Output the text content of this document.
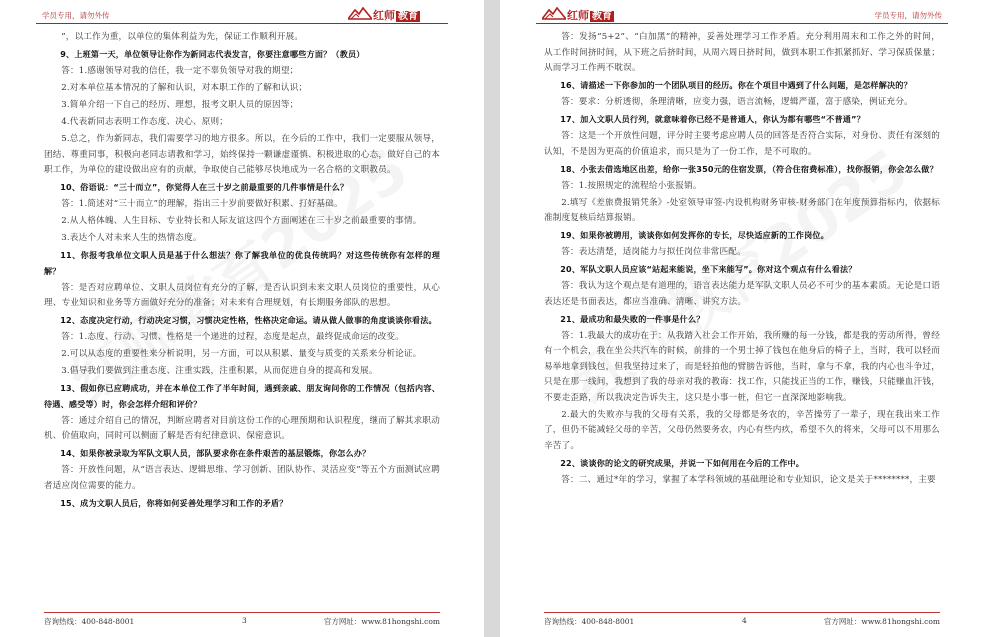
学员专用，请勿外传	红师 教育

”，以工作为重，以单位的集体利益为先，保证工作顺利开展。

9、上班第一天，单位领导让你作为新同志代表发言，你要注意哪些方面？（教员）

答：1.感谢领导对我的信任，我一定不辜负领导对我的期望；

2.对本单位基本情况的了解和认识，对本职工作的了解和认识；

3.简单介绍一下自己的经历、理想，报考文职人员的原因等；

4.代表新同志表明工作态度、决心、原则；

5.总之，作为新同志，我们需要学习的地方很多。所以，在今后的工作中，我们一定要服从领导，团结、尊重同事，积极向老同志请教和学习，始终保持一颗谦虚谨慎、积极进取的心态，做好自己的本职工作，为单位的建设做出应有的贡献，争取使自己能够尽快地成为一名合格的文职教员。

10、俗语说：“三十而立”，你觉得人在三十岁之前最重要的几件事情是什么？

答：1.简述对“三十而立”的理解，指出三十岁前要做好积累、打好基础。

2.从人格体魄、人生目标、专业特长和人际友谊这四个方面阐述在三十岁之前最重要的事情。

3.表达个人对未来人生的热情态度。

11、你报考我单位文职人员是基于什么想法？你了解我单位的优良传统吗？对这些传统你有怎样的理解？

答：是否对应聘单位、文职人员岗位有充分的了解，是否认识到未来文职人员岗位的重要性，从心理、专业知识和业务等方面做好充分的准备；对未来有合理规划，有长期服务部队的思想。

12、态度决定行动，行动决定习惯，习惯决定性格，性格决定命运。请从做人做事的角度谈谈你看法。

答：1.态度、行动、习惯、性格是一个递进的过程，态度是起点，最终促成命运的改变。

2.可以从态度的重要性来分析说明，另一方面，可以从积累、量变与质变的关系来分析论证。

3.倡导我们要做到注重态度、注重实践，注重积累，从而促进自身的提高和发展。

13、假如你已应聘成功，并在本单位工作了半年时间，遇到亲戚、朋友询问你的工作情况（包括内容、待遇、感受等）时，你会怎样介绍和评价？

答：通过介绍自己的情况，判断应聘者对目前这份工作的心理预期和认识程度，继而了解其求职动机、价值取向，同时可以侧面了解是否有纪律意识、保密意识。

14、如果你被录取为军队文职人员，部队要求你在条件艰苦的基层锻炼，你怎么办？

答：开放性问题，从“语言表达、逻辑思维、学习创新、团队协作、灵活应变”等五个方面测试应聘者适应岗位需要的能力。

15、成为文职人员后，你将如何妥善处理学习和工作的矛盾？

咨询热线：400-848-8001	3	官方网址：www.81hongshi.com
红师 教育	学员专用，请勿外传

答：发扬“5+2”、“白加黑”的精神，妥善处理学习工作矛盾。充分利用周末和工作之外的时间，从工作时间挤时间，从下班之后挤时间，从周六周日挤时间，做到本职工作抓紧抓好、学习保质保量；从而学习工作两不耽误。

16、请描述一下你参加的一个团队项目的经历。你在个项目中遇到了什么问题，是怎样解决的？

答：要求：分析透彻，条理清晰，应变力强，语言流畅，逻辑严谨，富于感染，例证充分。

17、加入文职人员行列，就意味着你已经不是普通人，你认为都有哪些“不普通”？

答：这是一个开放性问题，评分时主要考虑应聘人员的回答是否符合实际，对身份、责任有深刻的认知，不是因为更高的价值追求，而只是为了一份工作，是不可取的。

18、小张去借选地区出差，给你一张350元的住宿发票，（符合住宿费标准），找你报销，你会怎么做？

答：1.按照规定的流程给小张报销。

2.填写《差旅费报销凭条》-处室领导审签-内设机构财务审核-财务部门在年度预算指标内，依据标准制度复核后结算报销。

19、如果你被聘用，谈谈你如何发挥你的专长，尽快适应新的工作岗位。

答：表达清楚，适岗能力与拟任岗位非常匹配。

20、军队文职人员应该“站起来能说，坐下来能写”。你对这个观点有什么看法？

答：我认为这个观点是有道理的，语言表达能力是军队文职人员必不可少的基本素质。无论是口语表达还是书面表达，都应当准确、清晰、讲究方法。

21、最成功和最失败的一件事是什么？

答：1.我最大的成功在于：从我踏入社会工作开始，我所赚的每一分钱，都是我的劳动所得，曾经有一个机会，我在坐公共汽车的时候，前排的一个男士掉了钱包在他身后的椅子上，当时，我可以轻而易举地拿到钱包，但我坚持过来了，而是轻拍他的臂膀告诉他，当时，拿与不拿，我的内心也斗争过，只是在那一线间，我想到了我的母亲对我的教诲：找工作，只能找正当的工作，赚钱，只能赚血汗钱，不要走歪路，所以我决定告诉失主，这只是小事一桩，但它一直深深地影响我。

2.最大的失败亦与我的父母有关系，我的父母都是务农的，辛苦操劳了一辈子，现在我出来工作了，但仍不能减轻父母的辛苦，父母仍然要务农，内心有些内疚，希望不久的将来，父母可以不用那么辛苦了。

22、谈谈你的论文的研究成果，并说一下如何用在今后的工作中。

答：二、通过*年的学习，掌握了本学科领域的基础理论和专业知识，论文是关于********，主要

咨询热线：400-848-8001	4	官方网址：www.81hongshi.com
